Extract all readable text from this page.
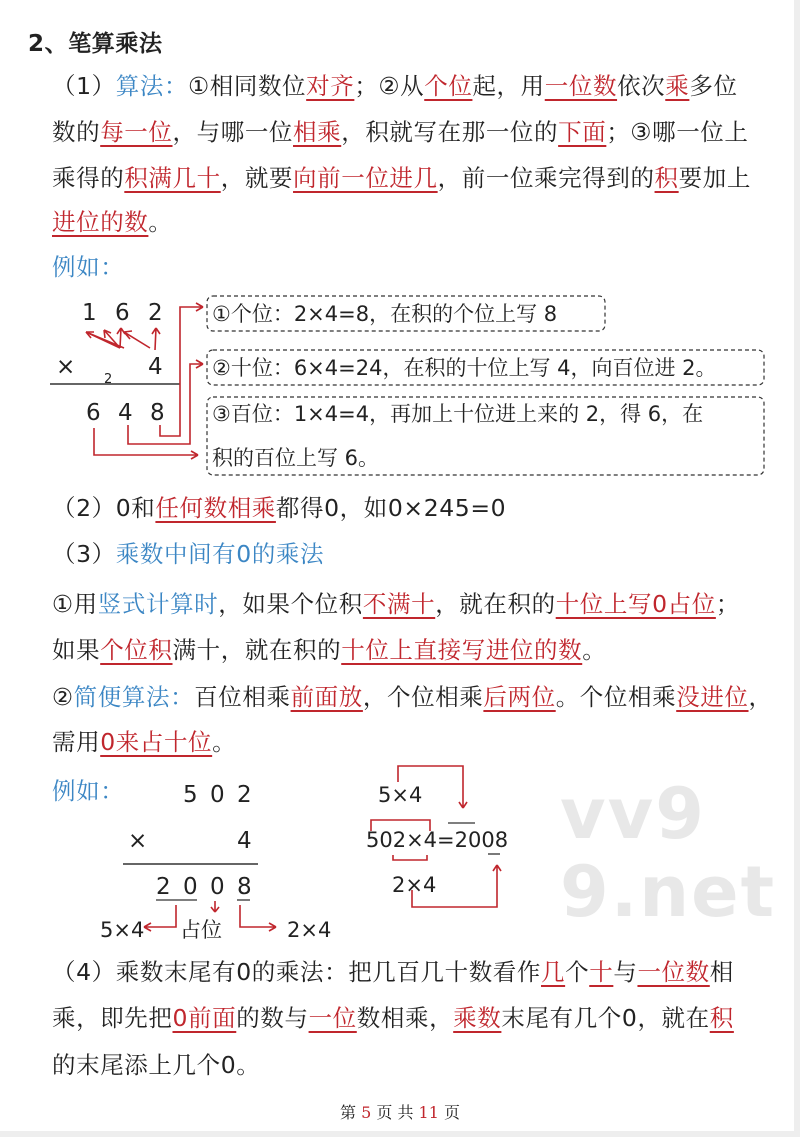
vv99.net
2、笔算乘法
（1）算法：①相同数位对齐；②从个位起，用一位数依次乘多位
数的每一位，与哪一位相乘，积就写在那一位的下面；③哪一位上
乘得的积满几十，就要向前一位进几，前一位乘完得到的积要加上
进位的数。
例如：
（2）0和任何数相乘都得0，如0×245=0
（3）乘数中间有0的乘法
①用竖式计算时，如果个位积不满十，就在积的十位上写0占位；
如果个位积满十，就在积的十位上直接写进位的数。
②简便算法：百位相乘前面放，个位相乘后两位。个位相乘没进位，
需用0来占十位。
例如：
（4）乘数末尾有0的乘法：把几百几十数看作几个十与一位数相
乘，即先把0前面的数与一位数相乘，乘数末尾有几个0，就在积
的末尾添上几个0。
1 6 2
×	4
2
6 4 8
①个位：2×4=8，在积的个位上写 8
②十位：6×4=24，在积的十位上写 4，向百位进 2。
③百位：1×4=4，再加上十位进上来的 2，得 6，在
积的百位上写 6。
5 0 2
×	4
2 0 0 8
5×4 占位	2×4
5×4
502×4=2008
2×4
第 5 页 共 11 页
